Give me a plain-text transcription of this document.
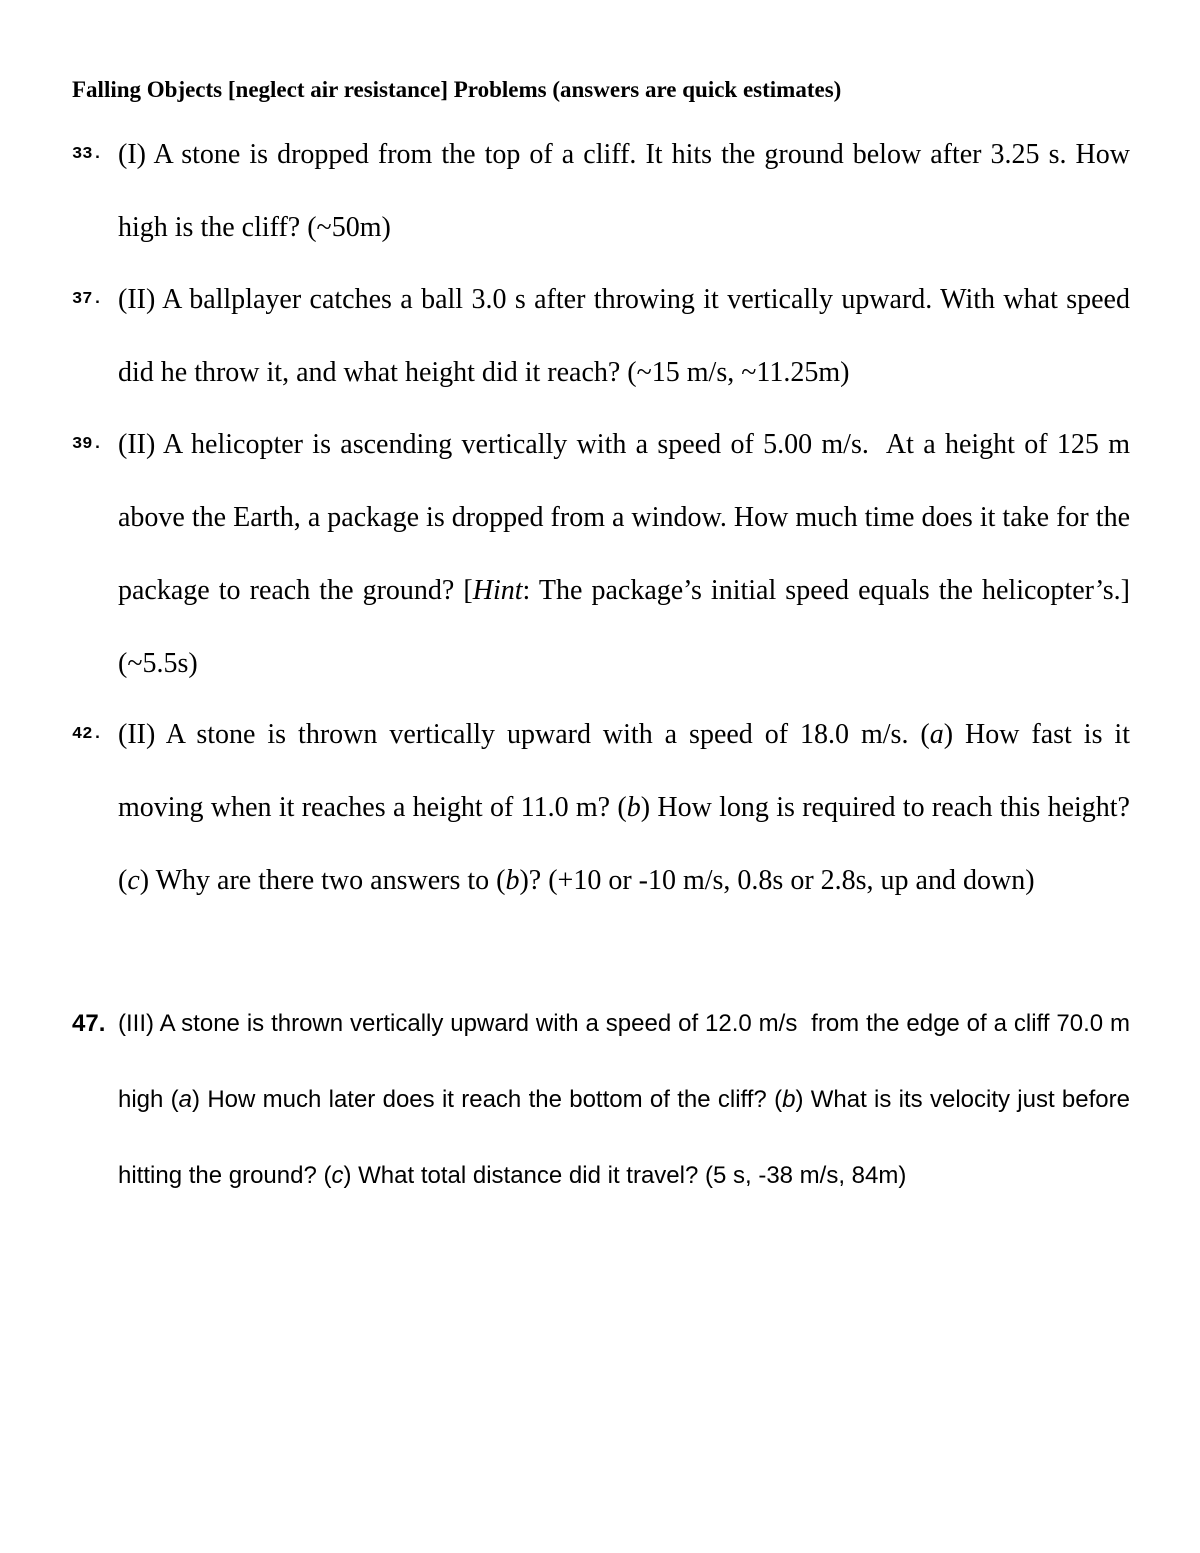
Falling Objects [neglect air resistance] Problems (answers are quick estimates)
33. (I) A stone is dropped from the top of a cliff. It hits the ground below after 3.25 s. How high is the cliff? (~50m)
37. (II) A ballplayer catches a ball 3.0 s after throwing it vertically upward. With what speed did he throw it, and what height did it reach? (~15 m/s, ~11.25m)
39. (II) A helicopter is ascending vertically with a speed of 5.00 m/s.  At a height of 125 m above the Earth, a package is dropped from a window. How much time does it take for the package to reach the ground? [Hint: The package’s initial speed equals the helicopter’s.] (~5.5s)
42. (II) A stone is thrown vertically upward with a speed of 18.0 m/s. (a) How fast is it moving when it reaches a height of 11.0 m? (b) How long is required to reach this height? (c) Why are there two answers to (b)? (+10 or -10 m/s, 0.8s or 2.8s, up and down)
47. (III) A stone is thrown vertically upward with a speed of 12.0 m/s  from the edge of a cliff 70.0 m high (a) How much later does it reach the bottom of the cliff? (b) What is its velocity just before hitting the ground? (c) What total distance did it travel? (5 s, -38 m/s, 84m)
